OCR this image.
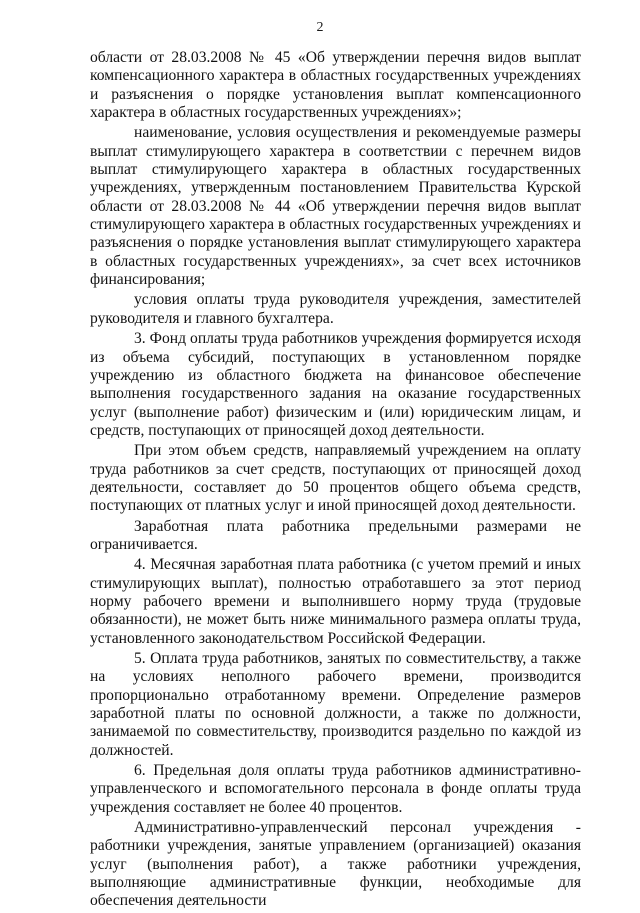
2

области от 28.03.2008 № 45 «Об утверждении перечня видов выплат компенсационного характера в областных государственных учреждениях и разъяснения о порядке установления выплат компенсационного характера в областных государственных учреждениях»;

наименование, условия осуществления и рекомендуемые размеры выплат стимулирующего характера в соответствии с перечнем видов выплат стимулирующего характера в областных государственных учреждениях, утвержденным постановлением Правительства Курской области от 28.03.2008 № 44 «Об утверждении перечня видов выплат стимулирующего характера в областных государственных учреждениях и разъяснения о порядке установления выплат стимулирующего характера в областных государственных учреждениях», за счет всех источников финансирования;

условия оплаты труда руководителя учреждения, заместителей руководителя и главного бухгалтера.

3. Фонд оплаты труда работников учреждения формируется исходя из объема субсидий, поступающих в установленном порядке учреждению из областного бюджета на финансовое обеспечение выполнения государственного задания на оказание государственных услуг (выполнение работ) физическим и (или) юридическим лицам, и средств, поступающих от приносящей доход деятельности.

При этом объем средств, направляемый учреждением на оплату труда работников за счет средств, поступающих от приносящей доход деятельности, составляет до 50 процентов общего объема средств, поступающих от платных услуг и иной приносящей доход деятельности.

Заработная плата работника предельными размерами не ограничивается.

4. Месячная заработная плата работника (с учетом премий и иных стимулирующих выплат), полностью отработавшего за этот период норму рабочего времени и выполнившего норму труда (трудовые обязанности), не может быть ниже минимального размера оплаты труда, установленного законодательством Российской Федерации.

5. Оплата труда работников, занятых по совместительству, а также на условиях неполного рабочего времени, производится пропорционально отработанному времени. Определение размеров заработной платы по основной должности, а также по должности, занимаемой по совместительству, производится раздельно по каждой из должностей.

6. Предельная доля оплаты труда работников административно-управленческого и вспомогательного персонала в фонде оплаты труда учреждения составляет не более 40 процентов.

Административно-управленческий персонал учреждения - работники учреждения, занятые управлением (организацией) оказания услуг (выполнения работ), а также работники учреждения, выполняющие административные функции, необходимые для обеспечения деятельности
